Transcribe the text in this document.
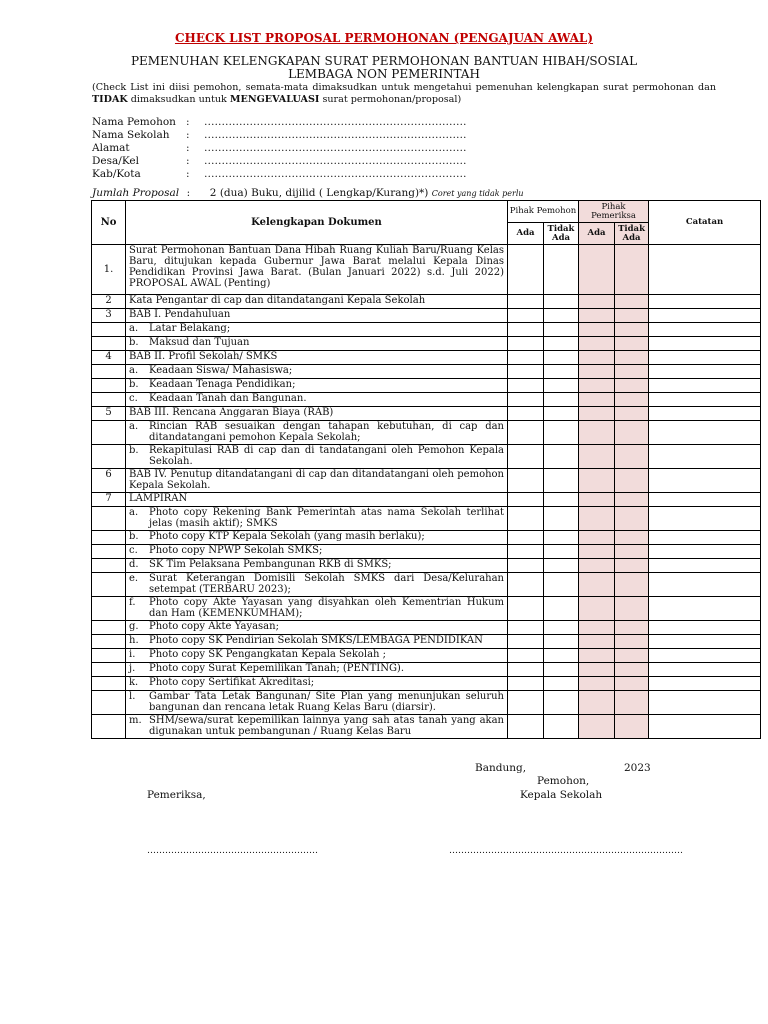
CHECK LIST PROPOSAL PERMOHONAN (PENGAJUAN AWAL)
PEMENUHAN KELENGKAPAN SURAT PERMOHONAN BANTUAN HIBAH/SOSIAL
LEMBAGA NON PEMERINTAH
(Check List ini diisi pemohon, semata-mata dimaksudkan untuk mengetahui pemenuhan kelengkapan surat permohonan dan TIDAK dimaksudkan untuk MENGEVALUASI surat permohonan/proposal)
Nama Pemohon : …………………………………………………………………
Nama Sekolah	: …………………………………………………………………
Alamat	: …………………………………………………………………
Desa/Kel	: …………………………………………………………………
Kab/Kota	: …………………………………………………………………
Jumlah Proposal : 2 (dua) Buku, dijilid ( Lengkap/Kurang)*) Coret yang tidak perlu
No	Kelengkapan Dokumen	Pihak Pemohon		Pihak Pemeriksa		Catatan
		Ada	Tidak Ada	Ada	Tidak Ada	
1.	Surat Permohonan Bantuan Dana Hibah Ruang Kuliah Baru/Ruang Kelas Baru, ditujukan kepada Gubernur Jawa Barat melalui Kepala Dinas Pendidikan Provinsi Jawa Barat. (Bulan Januari 2022) s.d. Juli 2022) PROPOSAL AWAL (Penting)					

2	Kata Pengantar di cap dan ditandatangani Kepala Sekolah					

3	BAB I. Pendahuluan					

	a. Latar Belakang;					

	b. Maksud dan Tujuan					

4	BAB II. Profil Sekolah/ SMKS					

	a. Keadaan Siswa/ Mahasiswa;					

	b. Keadaan Tenaga Pendidikan;					

	c. Keadaan Tanah dan Bangunan.					

5	BAB III. Rencana Anggaran Biaya (RAB)					

	a. Rincian RAB sesuaikan dengan tahapan kebutuhan, di cap dan ditandatangani pemohon Kepala Sekolah;					

	b. Rekapitulasi RAB di cap dan di tandatangani oleh Pemohon Kepala Sekolah.					

6	BAB IV. Penutup ditandatangani di cap dan ditandatangani oleh pemohon Kepala Sekolah.					

7	LAMPIRAN					

	a. Photo copy Rekening Bank Pemerintah atas nama Sekolah terlihat jelas (masih aktif); SMKS					

	b. Photo copy KTP Kepala Sekolah (yang masih berlaku);					

	c. Photo copy NPWP Sekolah SMKS;					

	d. SK Tim Pelaksana Pembangunan RKB di SMKS;					

	e. Surat Keterangan Domisili Sekolah SMKS dari Desa/Kelurahan setempat (TERBARU 2023);					

	f. Photo copy Akte Yayasan yang disyahkan oleh Kementrian Hukum dan Ham (KEMENKUMHAM);					

	g. Photo copy Akte Yayasan;					

	h. Photo copy SK Pendirian Sekolah SMKS/LEMBAGA PENDIDIKAN					

	i. Photo copy SK Pengangkatan Kepala Sekolah ;					

	j. Photo copy Surat Kepemilikan Tanah; (PENTING).					

	k. Photo copy Sertifikat Akreditasi;					

	l. Gambar Tata Letak Bangunan/ Site Plan yang menunjukan seluruh bangunan dan rencana letak Ruang Kelas Baru (diarsir).					

	m. SHM/sewa/surat kepemilikan lainnya yang sah atas tanah yang akan digunakan untuk pembangunan / Ruang Kelas Baru					

Bandung,	2023
Pemohon,
Kepala Sekolah
Pemeriksa,
…………………………………………………	……………………………………………………………………
